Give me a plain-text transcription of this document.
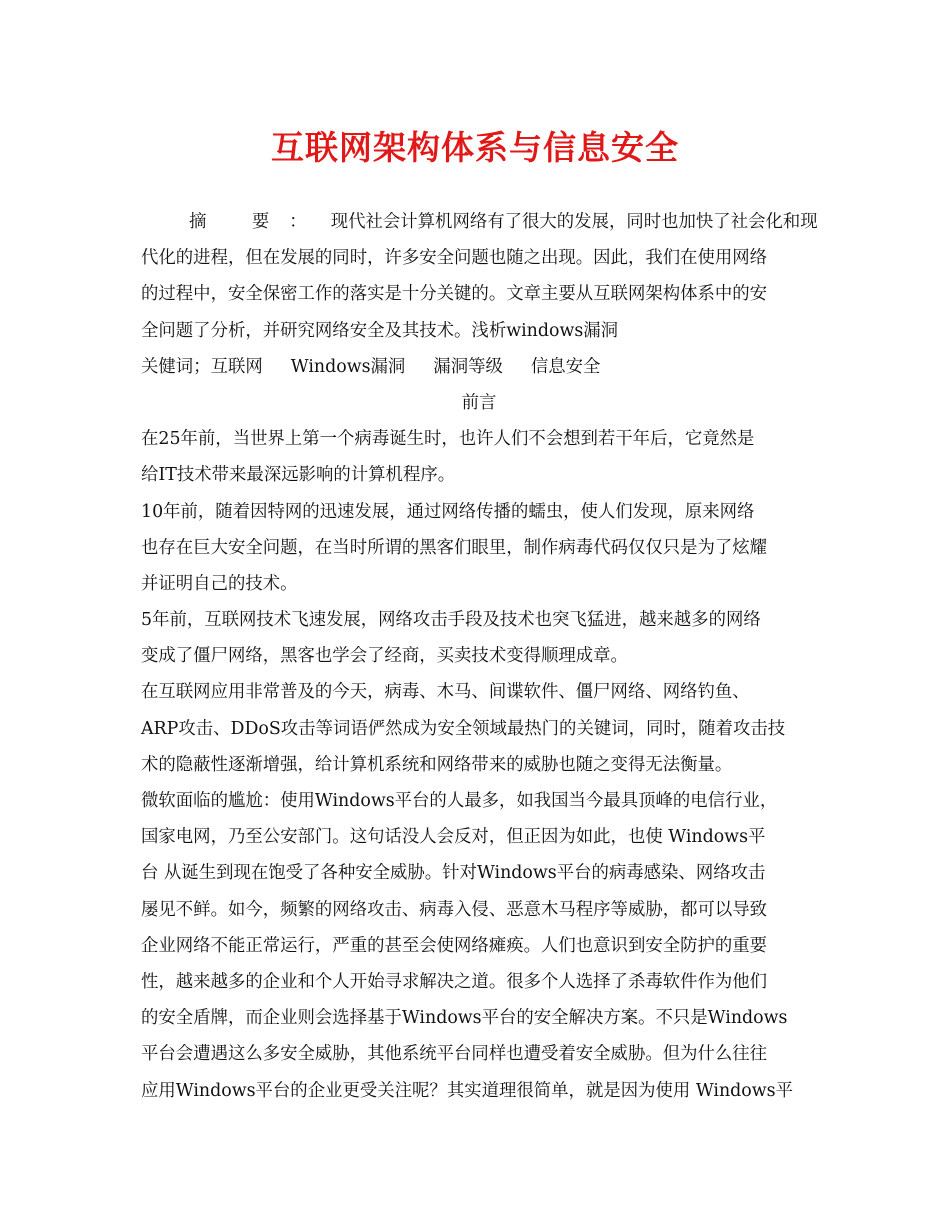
互联网架构体系与信息安全
摘 要： 现代社会计算机网络有了很大的发展，同时也加快了社会化和现
代化的进程，但在发展的同时，许多安全问题也随之出现。因此，我们在使用网络
的过程中，安全保密工作的落实是十分关键的。文章主要从互联网架构体系中的安
全问题了分析，并研究网络安全及其技术。浅析windows漏洞
关健词；互联网 Windows漏洞 漏洞等级 信息安全
前言
在25年前，当世界上第一个病毒诞生时，也许人们不会想到若干年后，它竟然是
给IT技术带来最深远影响的计算机程序。
10年前，随着因特网的迅速发展，通过网络传播的蠕虫，使人们发现，原来网络
也存在巨大安全问题，在当时所谓的黑客们眼里，制作病毒代码仅仅只是为了炫耀
并证明自己的技术。
5年前，互联网技术飞速发展，网络攻击手段及技术也突飞猛进，越来越多的网络
变成了僵尸网络，黑客也学会了经商，买卖技术变得顺理成章。
在互联网应用非常普及的今天，病毒、木马、间谍软件、僵尸网络、网络钓鱼、
ARP攻击、DDoS攻击等词语俨然成为安全领域最热门的关键词，同时，随着攻击技
术的隐蔽性逐渐增强，给计算机系统和网络带来的威胁也随之变得无法衡量。
微软面临的尴尬：使用Windows平台的人最多，如我国当今最具顶峰的电信行业，
国家电网，乃至公安部门。这句话没人会反对，但正因为如此，也使 Windows平
台 从诞生到现在饱受了各种安全威胁。针对Windows平台的病毒感染、网络攻击
屡见不鲜。如今，频繁的网络攻击、病毒入侵、恶意木马程序等威胁，都可以导致
企业网络不能正常运行，严重的甚至会使网络瘫痪。人们也意识到安全防护的重要
性，越来越多的企业和个人开始寻求解决之道。很多个人选择了杀毒软件作为他们
的安全盾牌，而企业则会选择基于Windows平台的安全解决方案。不只是Windows
平台会遭遇这么多安全威胁，其他系统平台同样也遭受着安全威胁。但为什么往往
应用Windows平台的企业更受关注呢？其实道理很简单，就是因为使用 Windows平
